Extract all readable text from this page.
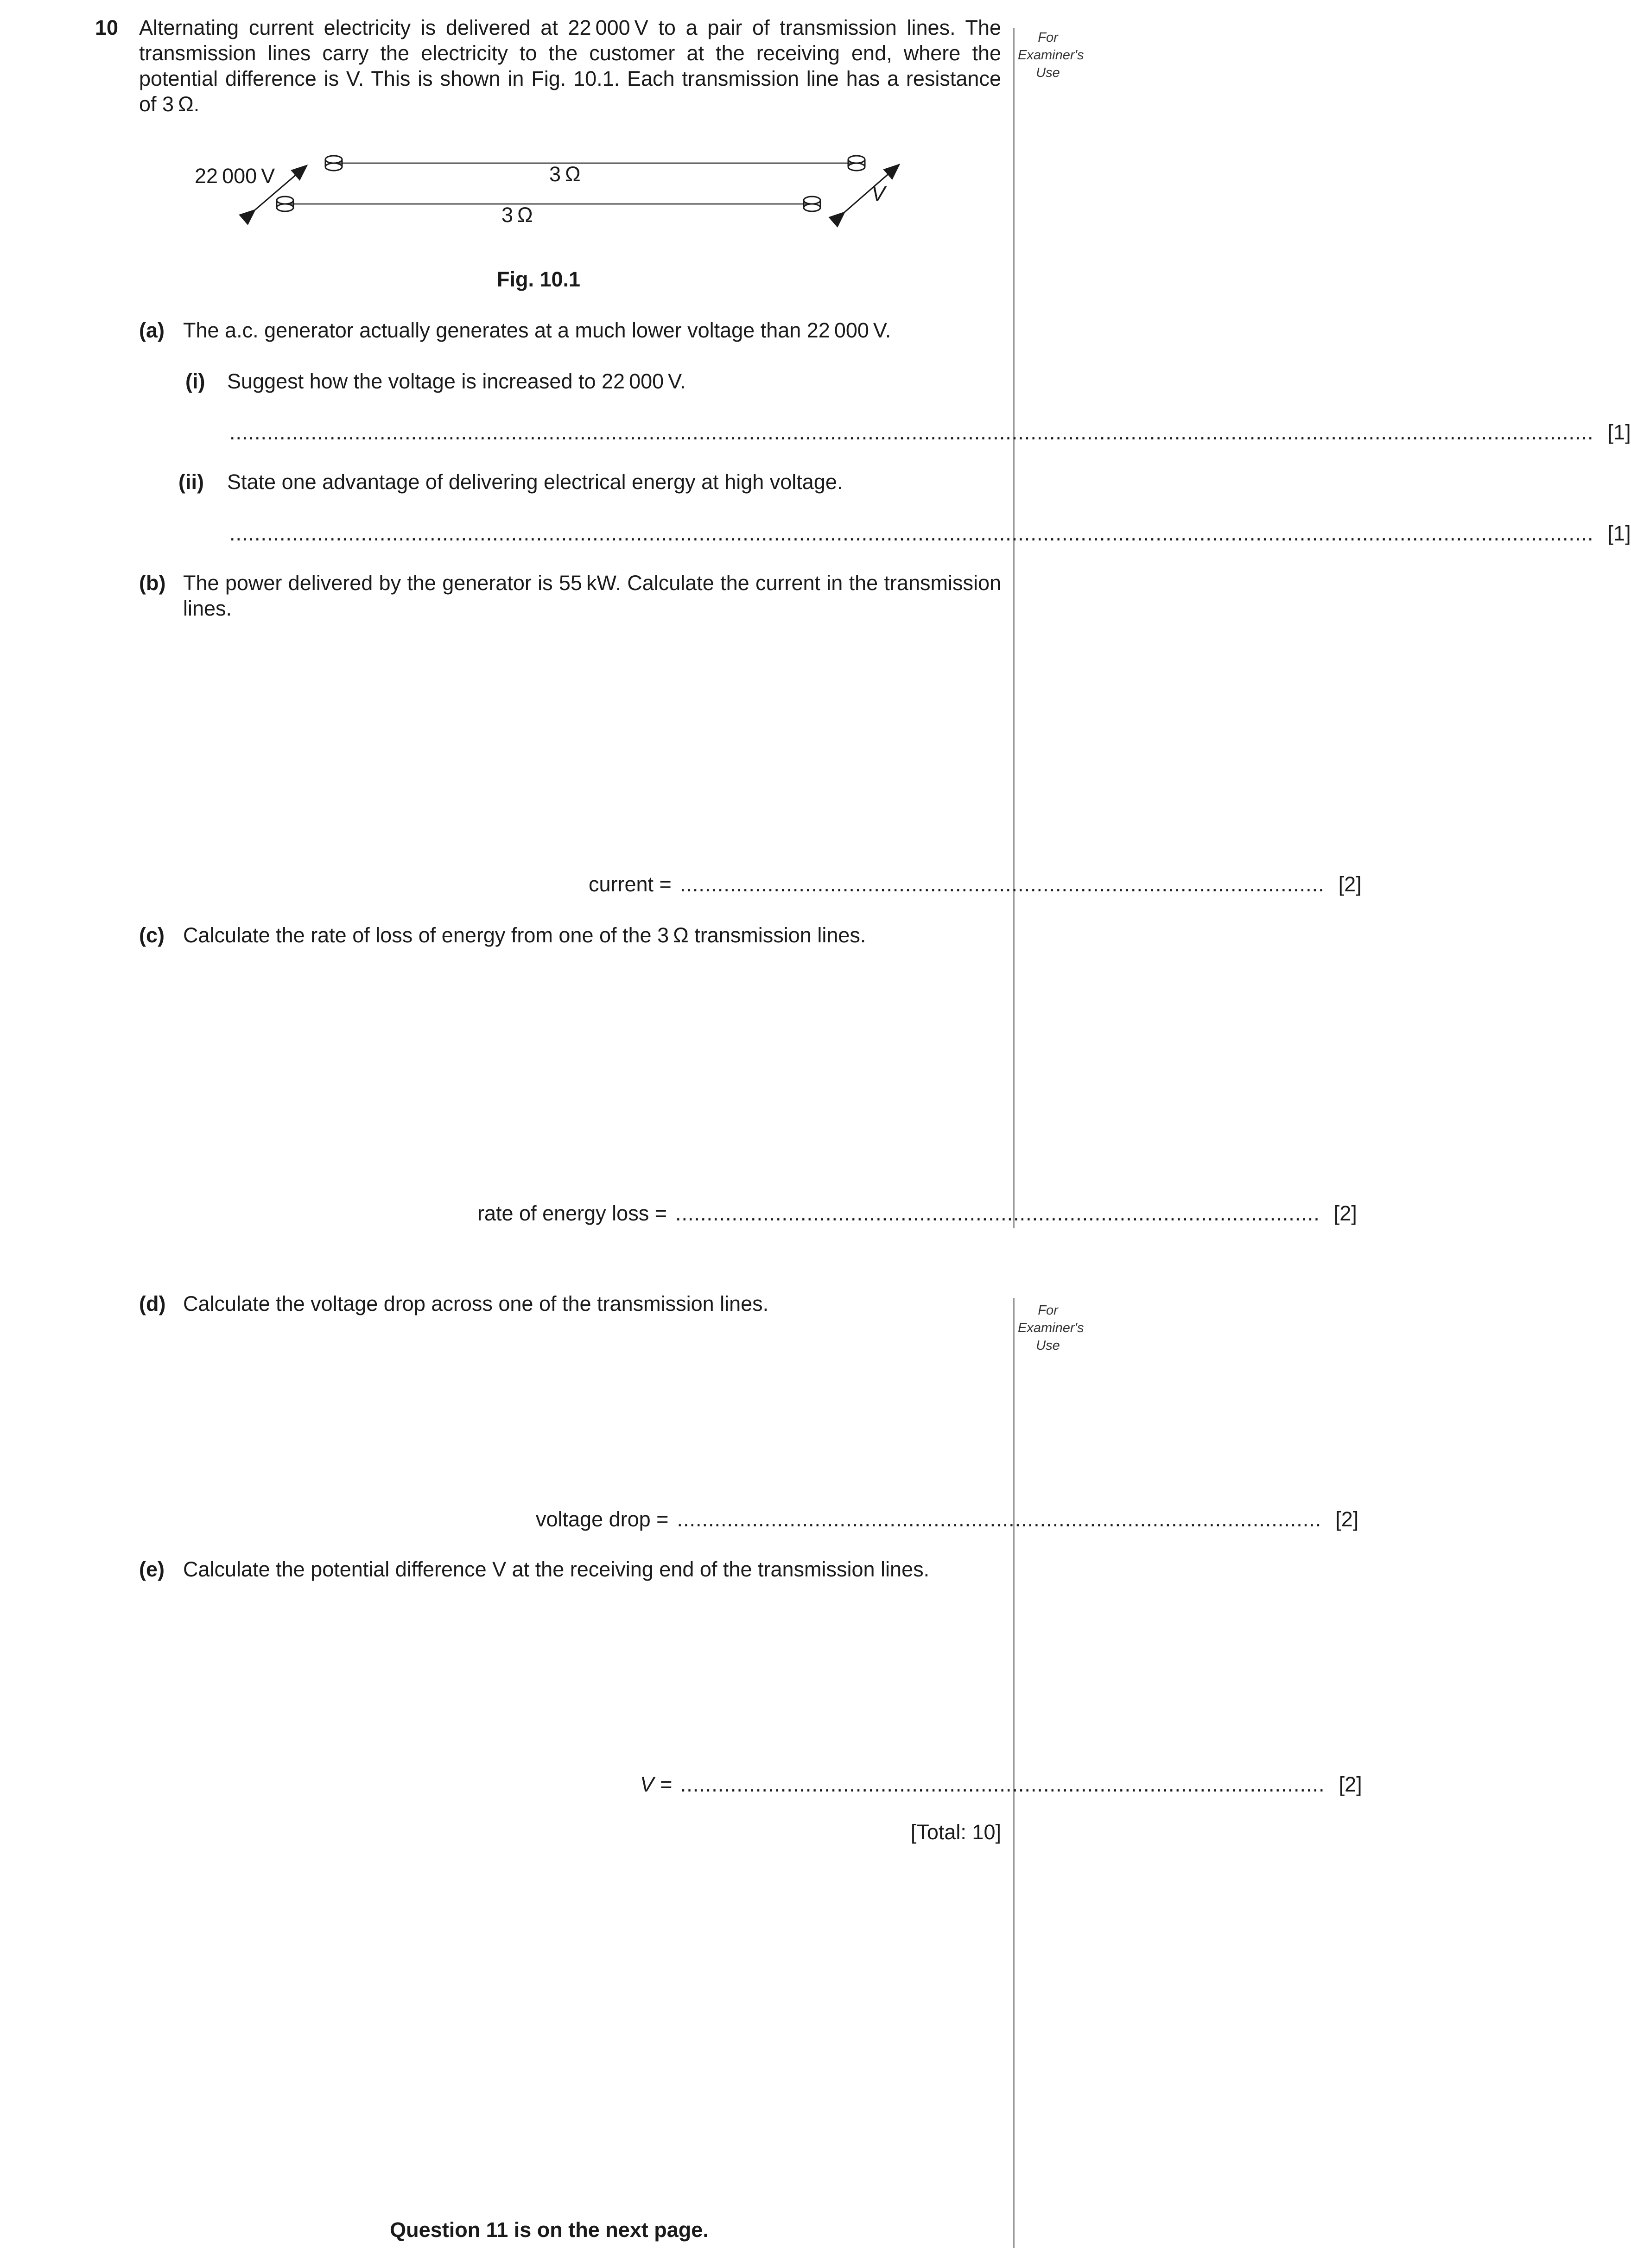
For Examiner's Use
For Examiner's Use
10 Alternating current electricity is delivered at 22 000 V to a pair of transmission lines. The transmission lines carry the electricity to the customer at the receiving end, where the potential difference is V. This is shown in Fig. 10.1. Each transmission line has a resistance of 3 Ω.
22 000 V	3 Ω
3 Ω
V
Fig. 10.1
(a) The a.c. generator actually generates at a much lower voltage than 22 000 V.
(i) Suggest how the voltage is increased to 22 000 V.
.......................................................................................................................................................................................................................... [1]
(ii) State one advantage of delivering electrical energy at high voltage.
.......................................................................................................................................................................................................................... [1]
(b) The power delivered by the generator is 55 kW. Calculate the current in the transmission lines.
current = ....................................................................................................... [2]
(c) Calculate the rate of loss of energy from one of the 3 Ω transmission lines.
rate of energy loss = ....................................................................................................... [2]
(d) Calculate the voltage drop across one of the transmission lines.
voltage drop = ....................................................................................................... [2]
(e) Calculate the potential difference V at the receiving end of the transmission lines.
V = ....................................................................................................... [2]
[Total: 10]
Question 11 is on the next page.
